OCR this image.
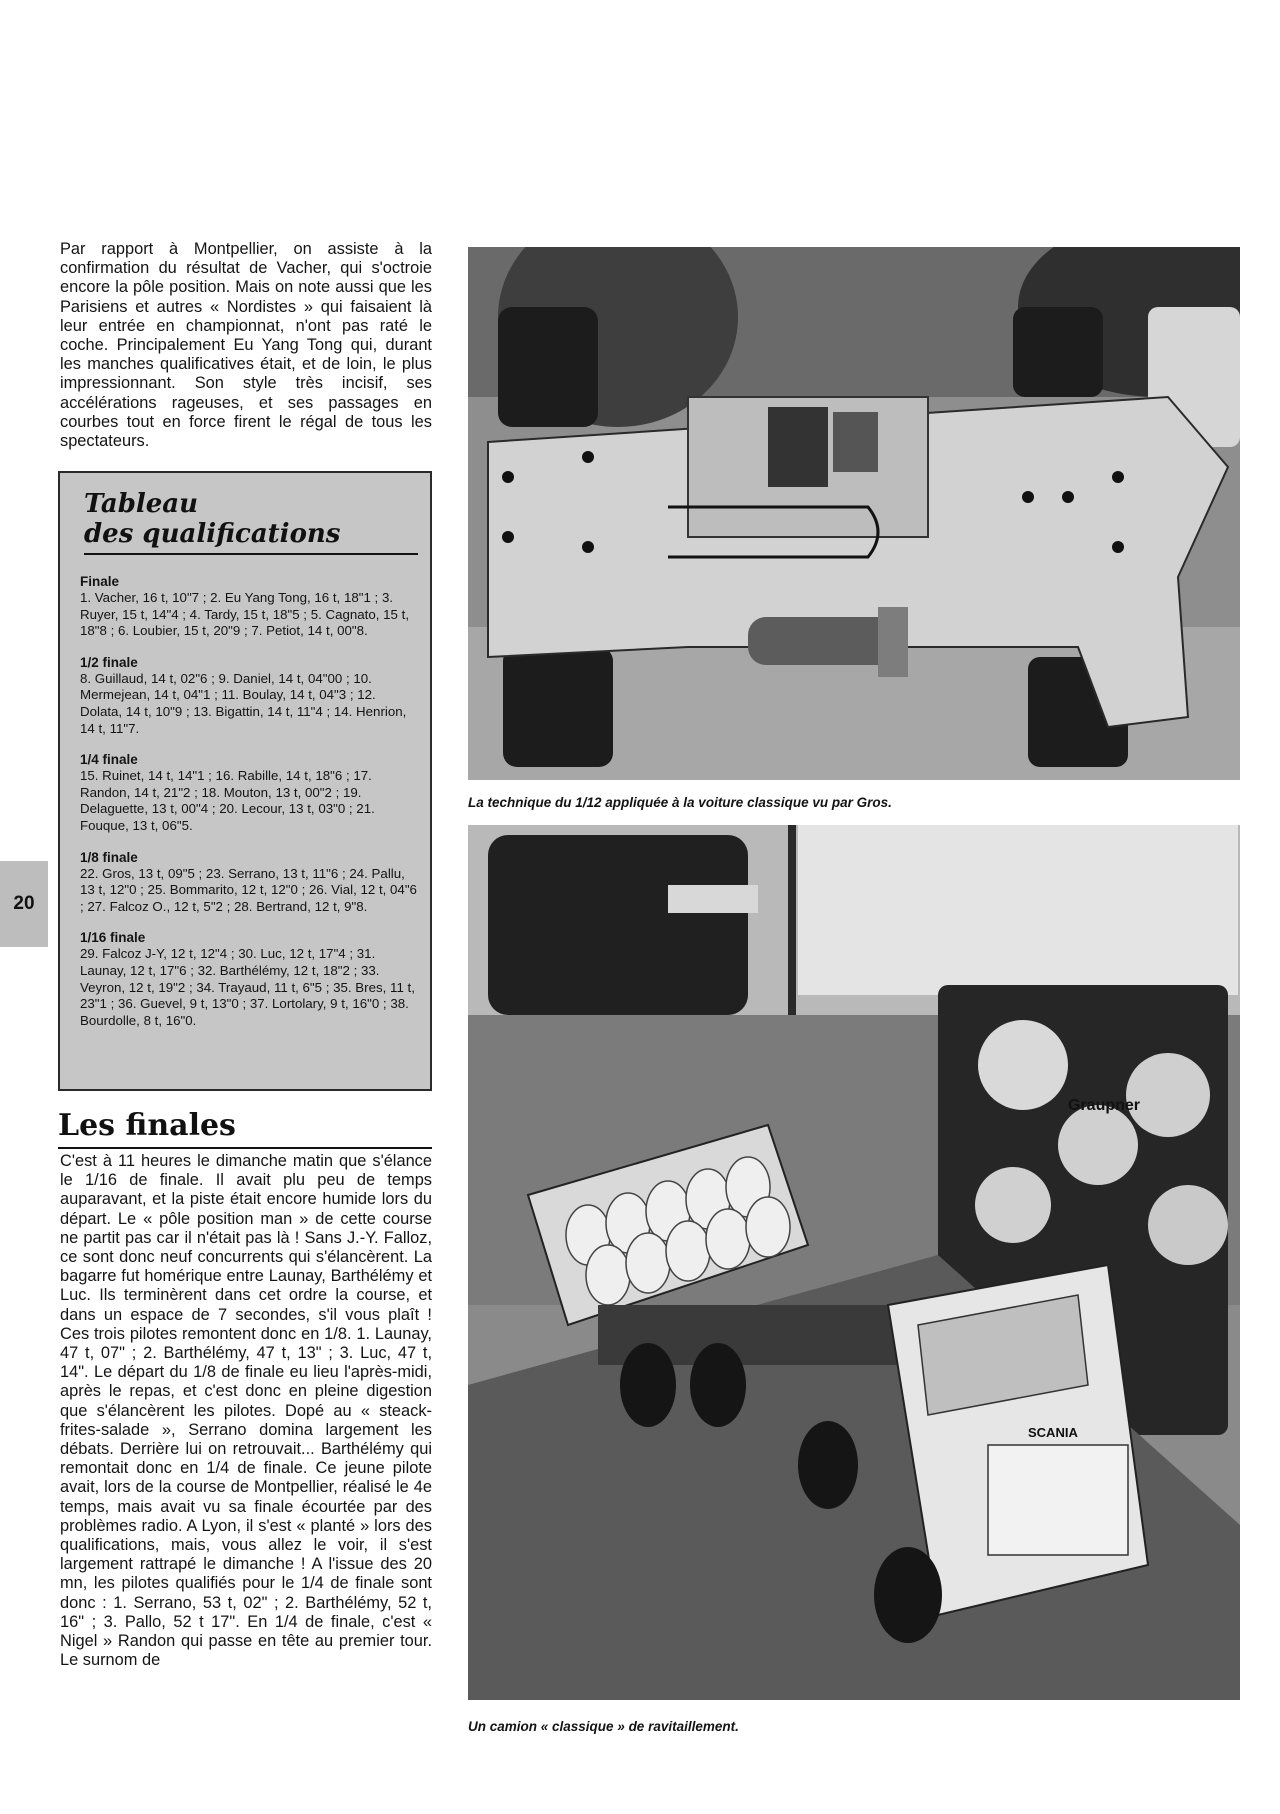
Par rapport à Montpellier, on assiste à la confirmation du résultat de Vacher, qui s'octroie encore la pôle position. Mais on note aussi que les Parisiens et autres « Nordistes » qui faisaient là leur entrée en championnat, n'ont pas raté le coche. Principalement Eu Yang Tong qui, durant les manches qualificatives était, et de loin, le plus impressionnant. Son style très incisif, ses accélérations rageuses, et ses passages en courbes tout en force firent le régal de tous les spectateurs.

Tableau
des qualifications
Finale

1. Vacher, 16 t, 10"7 ; 2. Eu Yang Tong, 16 t, 18"1 ; 3. Ruyer, 15 t, 14"4 ; 4. Tardy, 15 t, 18"5 ; 5. Cagnato, 15 t, 18"8 ; 6. Loubier, 15 t, 20"9 ; 7. Petiot, 14 t, 00"8.

1/2 finale

8. Guillaud, 14 t, 02"6 ; 9. Daniel, 14 t, 04"00 ; 10. Mermejean, 14 t, 04"1 ; 11. Boulay, 14 t, 04"3 ; 12. Dolata, 14 t, 10"9 ; 13. Bigattin, 14 t, 11"4 ; 14. Henrion, 14 t, 11"7.

1/4 finale

15. Ruinet, 14 t, 14"1 ; 16. Rabille, 14 t, 18"6 ; 17. Randon, 14 t, 21"2 ; 18. Mouton, 13 t, 00"2 ; 19. Delaguette, 13 t, 00"4 ; 20. Lecour, 13 t, 03"0 ; 21. Fouque, 13 t, 06"5.

1/8 finale

22. Gros, 13 t, 09"5 ; 23. Serrano, 13 t, 11"6 ; 24. Pallu, 13 t, 12"0 ; 25. Bommarito, 12 t, 12"0 ; 26. Vial, 12 t, 04"6 ; 27. Falcoz O., 12 t, 5"2 ; 28. Bertrand, 12 t, 9"8.

1/16 finale

29. Falcoz J-Y, 12 t, 12"4 ; 30. Luc, 12 t, 17"4 ; 31. Launay, 12 t, 17"6 ; 32. Barthélémy, 12 t, 18"2 ; 33. Veyron, 12 t, 19"2 ; 34. Trayaud, 11 t, 6"5 ; 35. Bres, 11 t, 23"1 ; 36. Guevel, 9 t, 13"0 ; 37. Lortolary, 9 t, 16"0 ; 38. Bourdolle, 8 t, 16"0.

20
Les finales

C'est à 11 heures le dimanche matin que s'élance le 1/16 de finale. Il avait plu peu de temps auparavant, et la piste était encore humide lors du départ. Le « pôle position man » de cette course ne partit pas car il n'était pas là ! Sans J.-Y. Falloz, ce sont donc neuf concurrents qui s'élancèrent. La bagarre fut homérique entre Launay, Barthélémy et Luc. Ils terminèrent dans cet ordre la course, et dans un espace de 7 secondes, s'il vous plaît ! Ces trois pilotes remontent donc en 1/8. 1. Launay, 47 t, 07" ; 2. Barthélémy, 47 t, 13" ; 3. Luc, 47 t, 14". Le départ du 1/8 de finale eu lieu l'après-midi, après le repas, et c'est donc en pleine digestion que s'élancèrent les pilotes. Dopé au « steack-frites-salade », Serrano domina largement les débats. Derrière lui on retrouvait... Barthélémy qui remontait donc en 1/4 de finale. Ce jeune pilote avait, lors de la course de Montpellier, réalisé le 4e temps, mais avait vu sa finale écourtée par des problèmes radio. A Lyon, il s'est « planté » lors des qualifications, mais, vous allez le voir, il s'est largement rattrapé le dimanche ! A l'issue des 20 mn, les pilotes qualifiés pour le 1/4 de finale sont donc : 1. Serrano, 53 t, 02" ; 2. Barthélémy, 52 t, 16" ; 3. Pallo, 52 t 17". En 1/4 de finale, c'est « Nigel » Randon qui passe en tête au premier tour. Le surnom de

La technique du 1/12 appliquée à la voiture classique vu par Gros.

Graupner
SCANIA

Un camion « classique » de ravitaillement.
